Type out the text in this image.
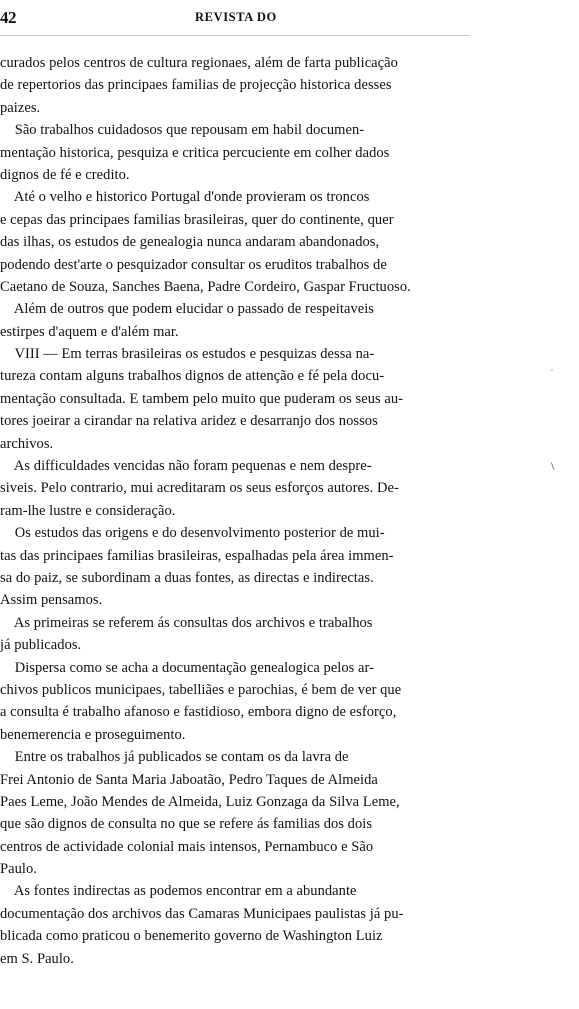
42	REVISTA DO
curados pelos centros de cultura regionaes, além de farta publicação
de repertorios das principaes familias de projecção historica desses
paizes.
São trabalhos cuidadosos que repousam em habil documen-
mentação historica, pesquiza e critica percuciente em colher dados
dignos de fé e credito.
Até o velho e historico Portugal d'onde provieram os troncos
e cepas das principaes familias brasileiras, quer do continente, quer
das ilhas, os estudos de genealogia nunca andaram abandonados,
podendo dest'arte o pesquizador consultar os eruditos trabalhos de
Caetano de Souza, Sanches Baena, Padre Cordeiro, Gaspar Fructuoso.
Além de outros que podem elucidar o passado de respeitaveis
estirpes d'aquem e d'além mar.
VIII — Em terras brasileiras os estudos e pesquizas dessa na-
tureza contam alguns trabalhos dignos de attenção e fé pela docu-
mentação consultada. E tambem pelo muito que puderam os seus au-
tores joeirar a cirandar na relativa aridez e desarranjo dos nossos
archivos.
As difficuldades vencidas não foram pequenas e nem despre-
siveis. Pelo contrario, mui acreditaram os seus esforços autores. De-
ram-lhe lustre e consideração.
Os estudos das origens e do desenvolvimento posterior de mui-
tas das principaes familias brasileiras, espalhadas pela área immen-
sa do paiz, se subordinam a duas fontes, as directas e indirectas.
Assim pensamos.
As primeiras se referem ás consultas dos archivos e trabalhos
já publicados.
Dispersa como se acha a documentação genealogica pelos ar-
chivos publicos municipaes, tabelliães e parochias, é bem de ver que
a consulta é trabalho afanoso e fastidioso, embora digno de esforço,
benemerencia e proseguimento.
Entre os trabalhos já publicados se contam os da lavra de
Frei Antonio de Santa Maria Jaboatão, Pedro Taques de Almeida
Paes Leme, João Mendes de Almeida, Luiz Gonzaga da Silva Leme,
que são dignos de consulta no que se refere ás familias dos dois
centros de actividade colonial mais intensos, Pernambuco e São
Paulo.
As fontes indirectas as podemos encontrar em a abundante
documentação dos archivos das Camaras Municipaes paulistas já pu-
blicada como praticou o benemerito governo de Washington Luiz
em S. Paulo.
,
\
